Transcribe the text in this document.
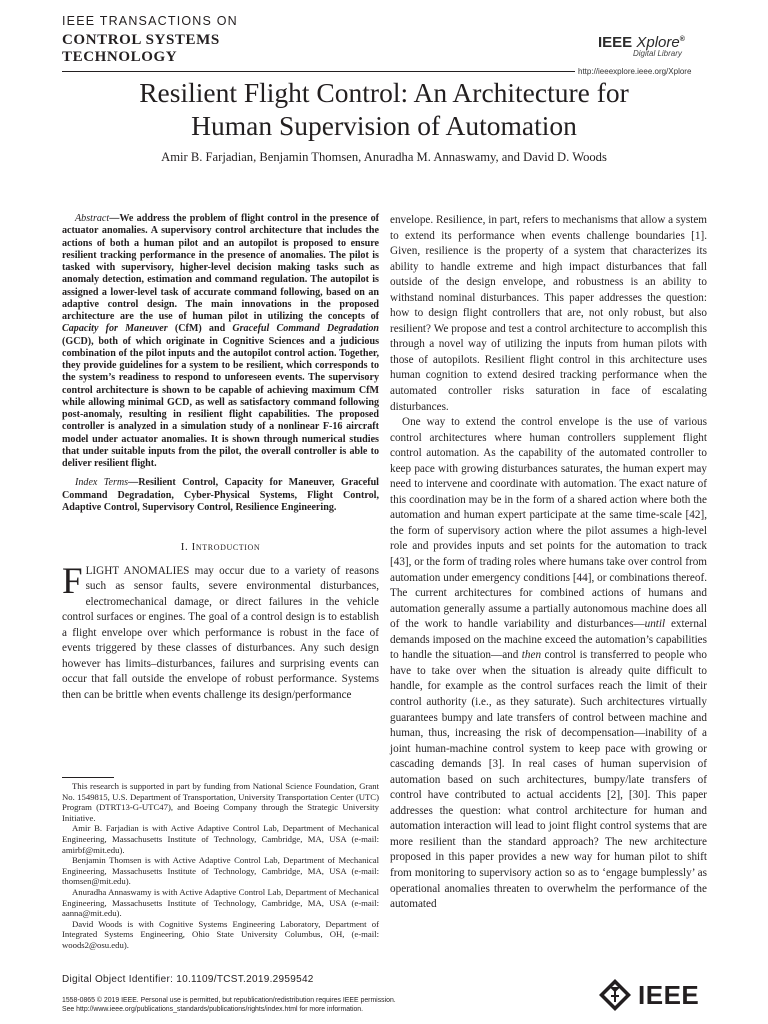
IEEE TRANSACTIONS ON
CONTROL SYSTEMS
TECHNOLOGY
IEEE Xplore®
Digital Library
http://ieeexplore.ieee.org/Xplore
Resilient Flight Control: An Architecture for
Human Supervision of Automation
Amir B. Farjadian, Benjamin Thomsen, Anuradha M. Annaswamy, and David D. Woods

Abstract—We address the problem of flight control in the presence of actuator anomalies. A supervisory control architecture that includes the actions of both a human pilot and an autopilot is proposed to ensure resilient tracking performance in the presence of anomalies. The pilot is tasked with supervisory, higher-level decision making tasks such as anomaly detection, estimation and command regulation. The autopilot is assigned a lower-level task of accurate command following, based on an adaptive control design. The main innovations in the proposed architecture are the use of human pilot in utilizing the concepts of Capacity for Maneuver (CfM) and Graceful Command Degradation (GCD), both of which originate in Cognitive Sciences and a judicious combination of the pilot inputs and the autopilot control action. Together, they provide guidelines for a system to be resilient, which corresponds to the system’s readiness to respond to unforeseen events. The supervisory control architecture is shown to be capable of achieving maximum CfM while allowing minimal GCD, as well as satisfactory command following post-anomaly, resulting in resilient flight capabilities. The proposed controller is analyzed in a simulation study of a nonlinear F-16 aircraft model under actuator anomalies. It is shown through numerical studies that under suitable inputs from the pilot, the overall controller is able to deliver resilient flight.

Index Terms—Resilient Control, Capacity for Maneuver, Graceful Command Degradation, Cyber-Physical Systems, Flight Control, Adaptive Control, Supervisory Control, Resilience Engineering.

I. Introduction

FLIGHT ANOMALIES may occur due to a variety of reasons such as sensor faults, severe environmental disturbances, electromechanical damage, or direct failures in the vehicle control surfaces or engines. The goal of a control design is to establish a flight envelope over which performance is robust in the face of events triggered by these classes of disturbances. Any such design however has limits–disturbances, failures and surprising events can occur that fall outside the envelope of robust performance. Systems then can be brittle when events challenge its design/performance

This research is supported in part by funding from National Science Foundation, Grant No. 1549815, U.S. Department of Transportation, University Transportation Center (UTC) Program (DTRT13-G-UTC47), and Boeing Company through the Strategic University Initiative.

Amir B. Farjadian is with Active Adaptive Control Lab, Department of Mechanical Engineering, Massachusetts Institute of Technology, Cambridge, MA, USA (e-mail: amirbf@mit.edu).

Benjamin Thomsen is with Active Adaptive Control Lab, Department of Mechanical Engineering, Massachusetts Institute of Technology, Cambridge, MA, USA (e-mail: thomsen@mit.edu).

Anuradha Annaswamy is with Active Adaptive Control Lab, Department of Mechanical Engineering, Massachusetts Institute of Technology, Cambridge, MA, USA (e-mail: aanna@mit.edu).

David Woods is with Cognitive Systems Engineering Laboratory, Department of Integrated Systems Engineering, Ohio State University Columbus, OH, (e-mail: woods2@osu.edu).

Digital Object Identifier: 10.1109/TCST.2019.2959542

envelope. Resilience, in part, refers to mechanisms that allow a system to extend its performance when events challenge boundaries [1]. Given, resilience is the property of a system that characterizes its ability to handle extreme and high impact disturbances that fall outside of the design envelope, and robustness is an ability to withstand nominal disturbances. This paper addresses the question: how to design flight controllers that are, not only robust, but also resilient? We propose and test a control architecture to accomplish this through a novel way of utilizing the inputs from human pilots with those of autopilots. Resilient flight control in this architecture uses human cognition to extend desired tracking performance when the automated controller risks saturation in face of escalating disturbances.

One way to extend the control envelope is the use of various control architectures where human controllers supplement flight control automation. As the capability of the automated controller to keep pace with growing disturbances saturates, the human expert may need to intervene and coordinate with automation. The exact nature of this coordination may be in the form of a shared action where both the automation and human expert participate at the same time-scale [42], the form of supervisory action where the pilot assumes a high-level role and provides inputs and set points for the automation to track [43], or the form of trading roles where humans take over control from automation under emergency conditions [44], or combinations thereof. The current architectures for combined actions of humans and automation generally assume a partially autonomous machine does all of the work to handle variability and disturbances—until external demands imposed on the machine exceed the automation’s capabilities to handle the situation—and then control is transferred to people who have to take over when the situation is already quite difficult to handle, for example as the control surfaces reach the limit of their control authority (i.e., as they saturate). Such architectures virtually guarantees bumpy and late transfers of control between machine and human, thus, increasing the risk of decompensation—inability of a joint human-machine control system to keep pace with growing or cascading demands [3]. In real cases of human supervision of automation based on such architectures, bumpy/late transfers of control have contributed to actual accidents [2], [30]. This paper addresses the question: what control architecture for human and automation interaction will lead to joint flight control systems that are more resilient than the standard approach? The new architecture proposed in this paper provides a new way for human pilot to shift from monitoring to supervisory action so as to ‘engage bumplessly’ as operational anomalies threaten to overwhelm the performance of the automated

1558-0865 © 2019 IEEE. Personal use is permitted, but republication/redistribution requires IEEE permission.
See http://www.ieee.org/publications_standards/publications/rights/index.html for more information.	IEEE
